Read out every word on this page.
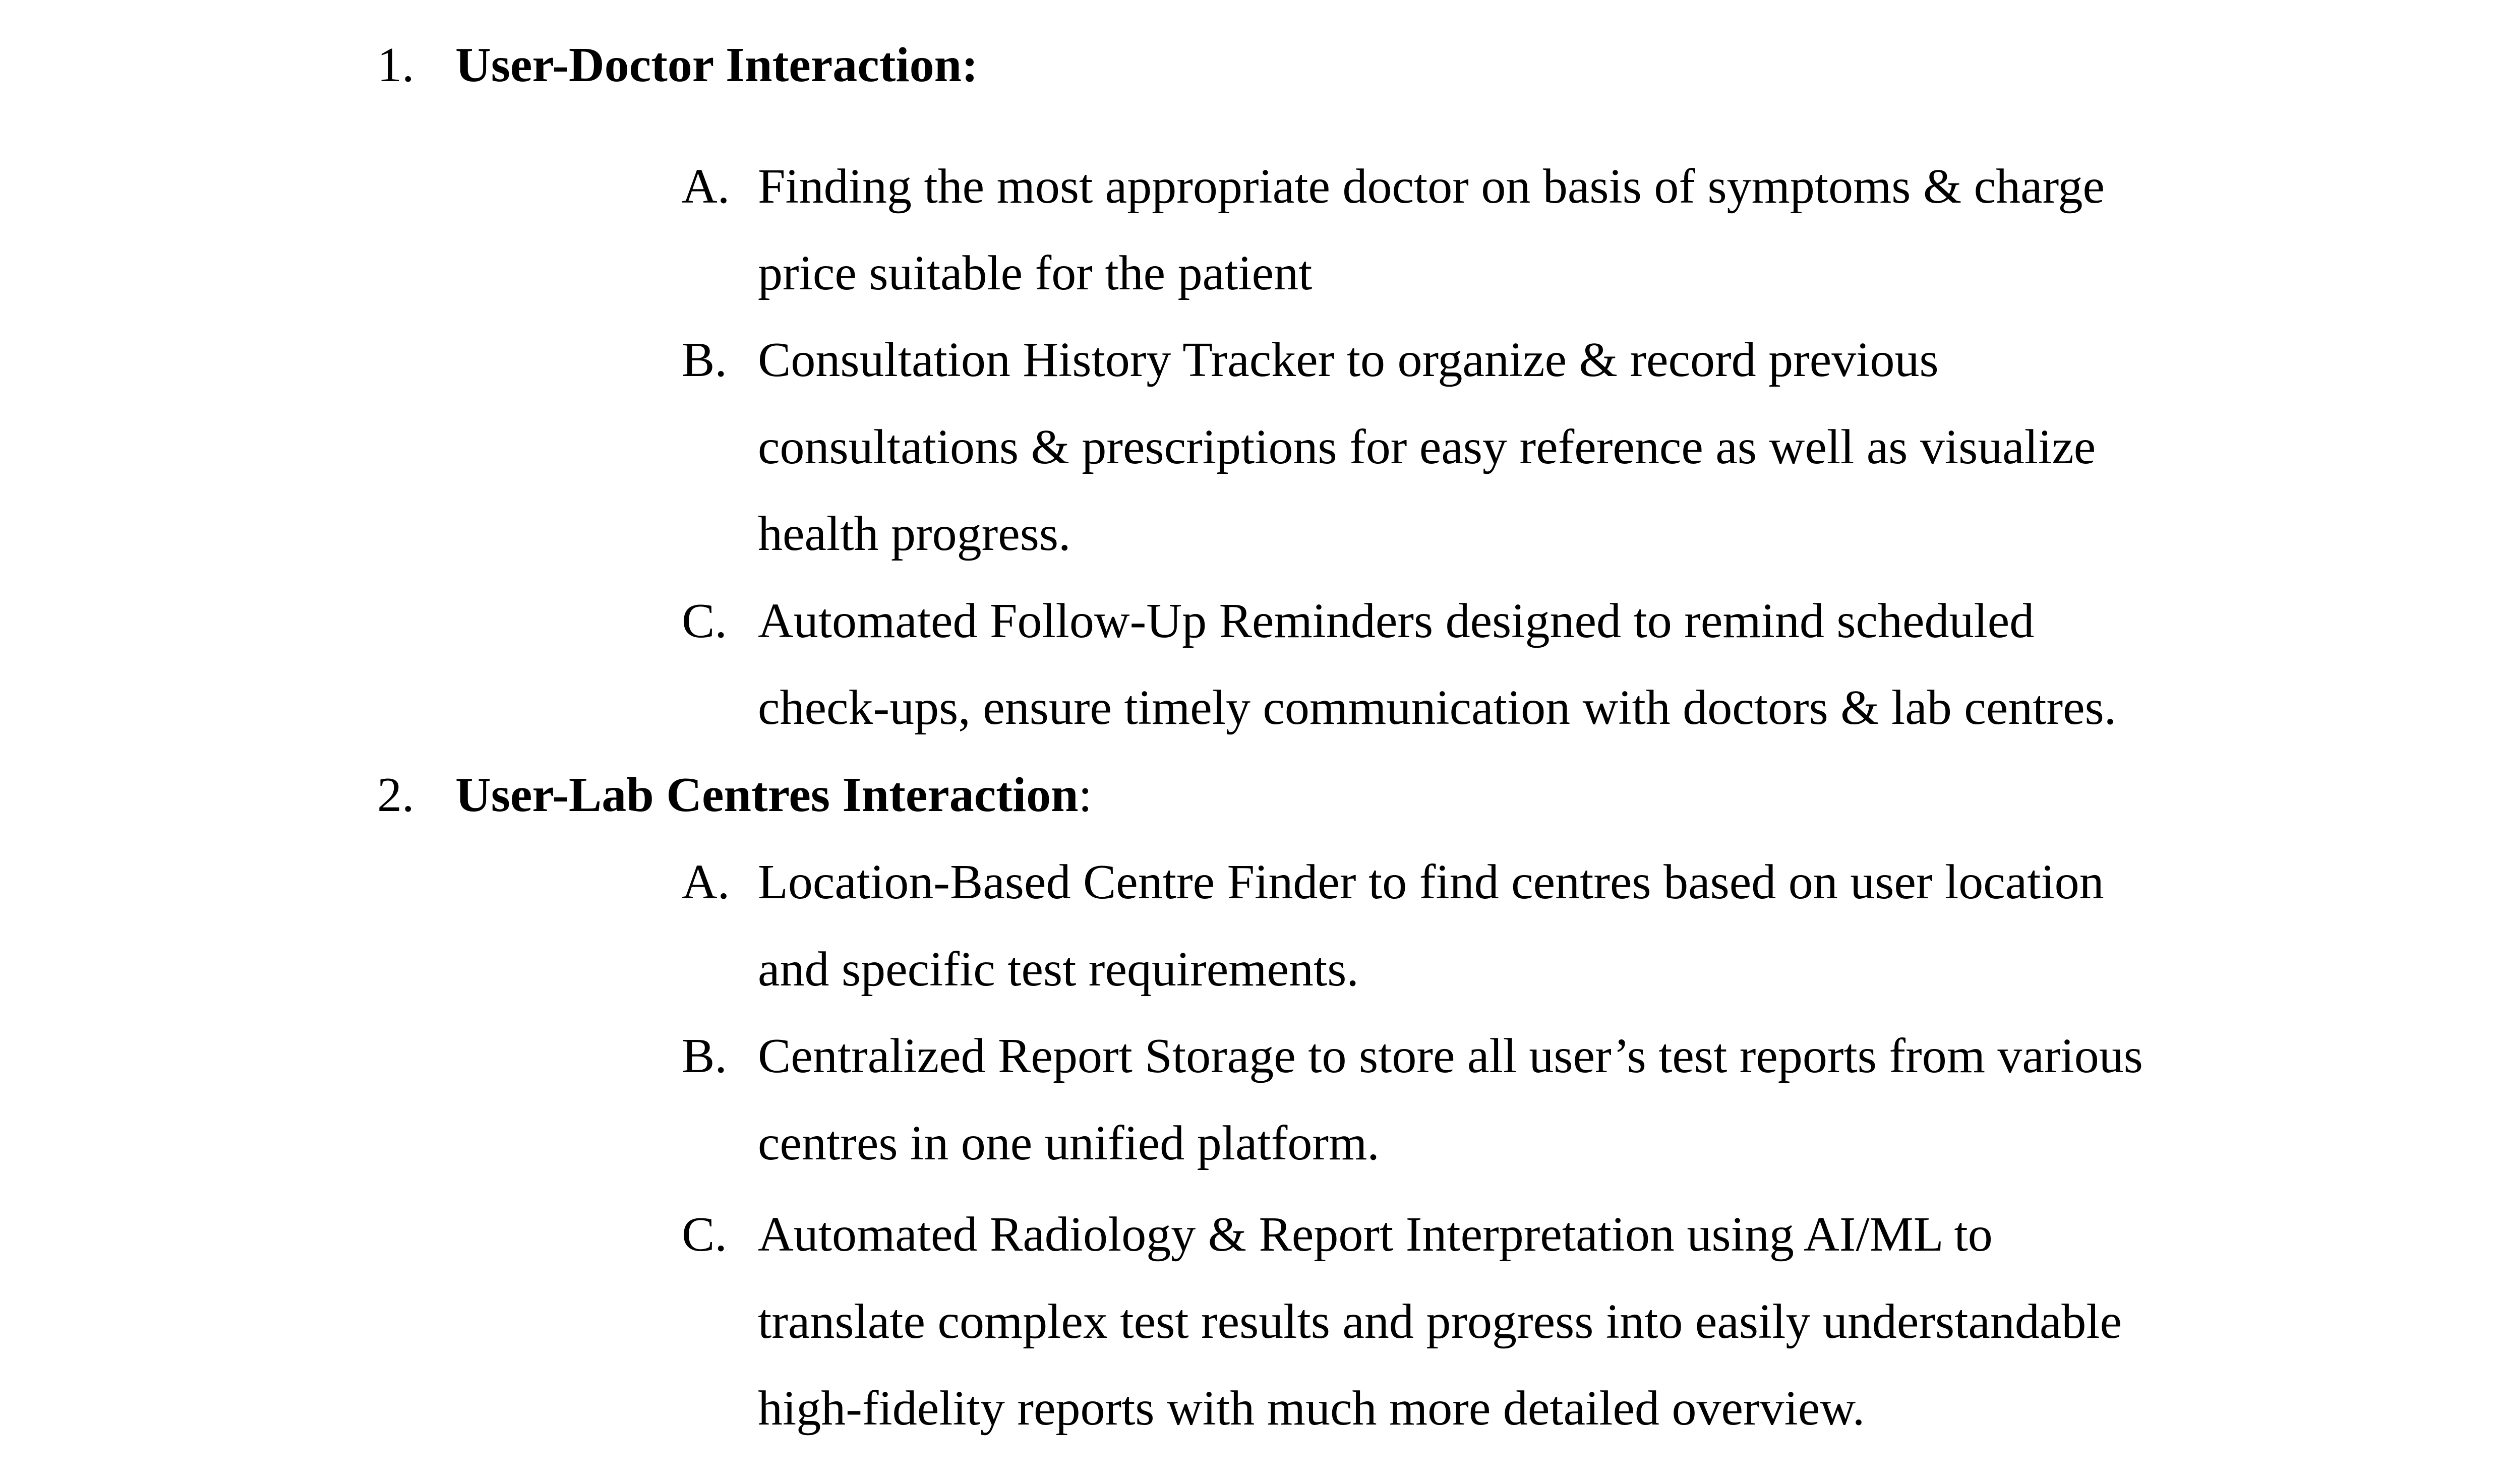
1. User-Doctor Interaction:
A. Finding the most appropriate doctor on basis of symptoms & charge
price suitable for the patient
B. Consultation History Tracker to organize & record previous
consultations & prescriptions for easy reference as well as visualize
health progress.
C. Automated Follow-Up Reminders designed to remind scheduled
check-ups, ensure timely communication with doctors & lab centres.
2. User-Lab Centres Interaction:
A. Location-Based Centre Finder to find centres based on user location
and specific test requirements.
B. Centralized Report Storage to store all user’s test reports from various
centres in one unified platform.
C. Automated Radiology & Report Interpretation using AI/ML to
translate complex test results and progress into easily understandable
high-fidelity reports with much more detailed overview.
